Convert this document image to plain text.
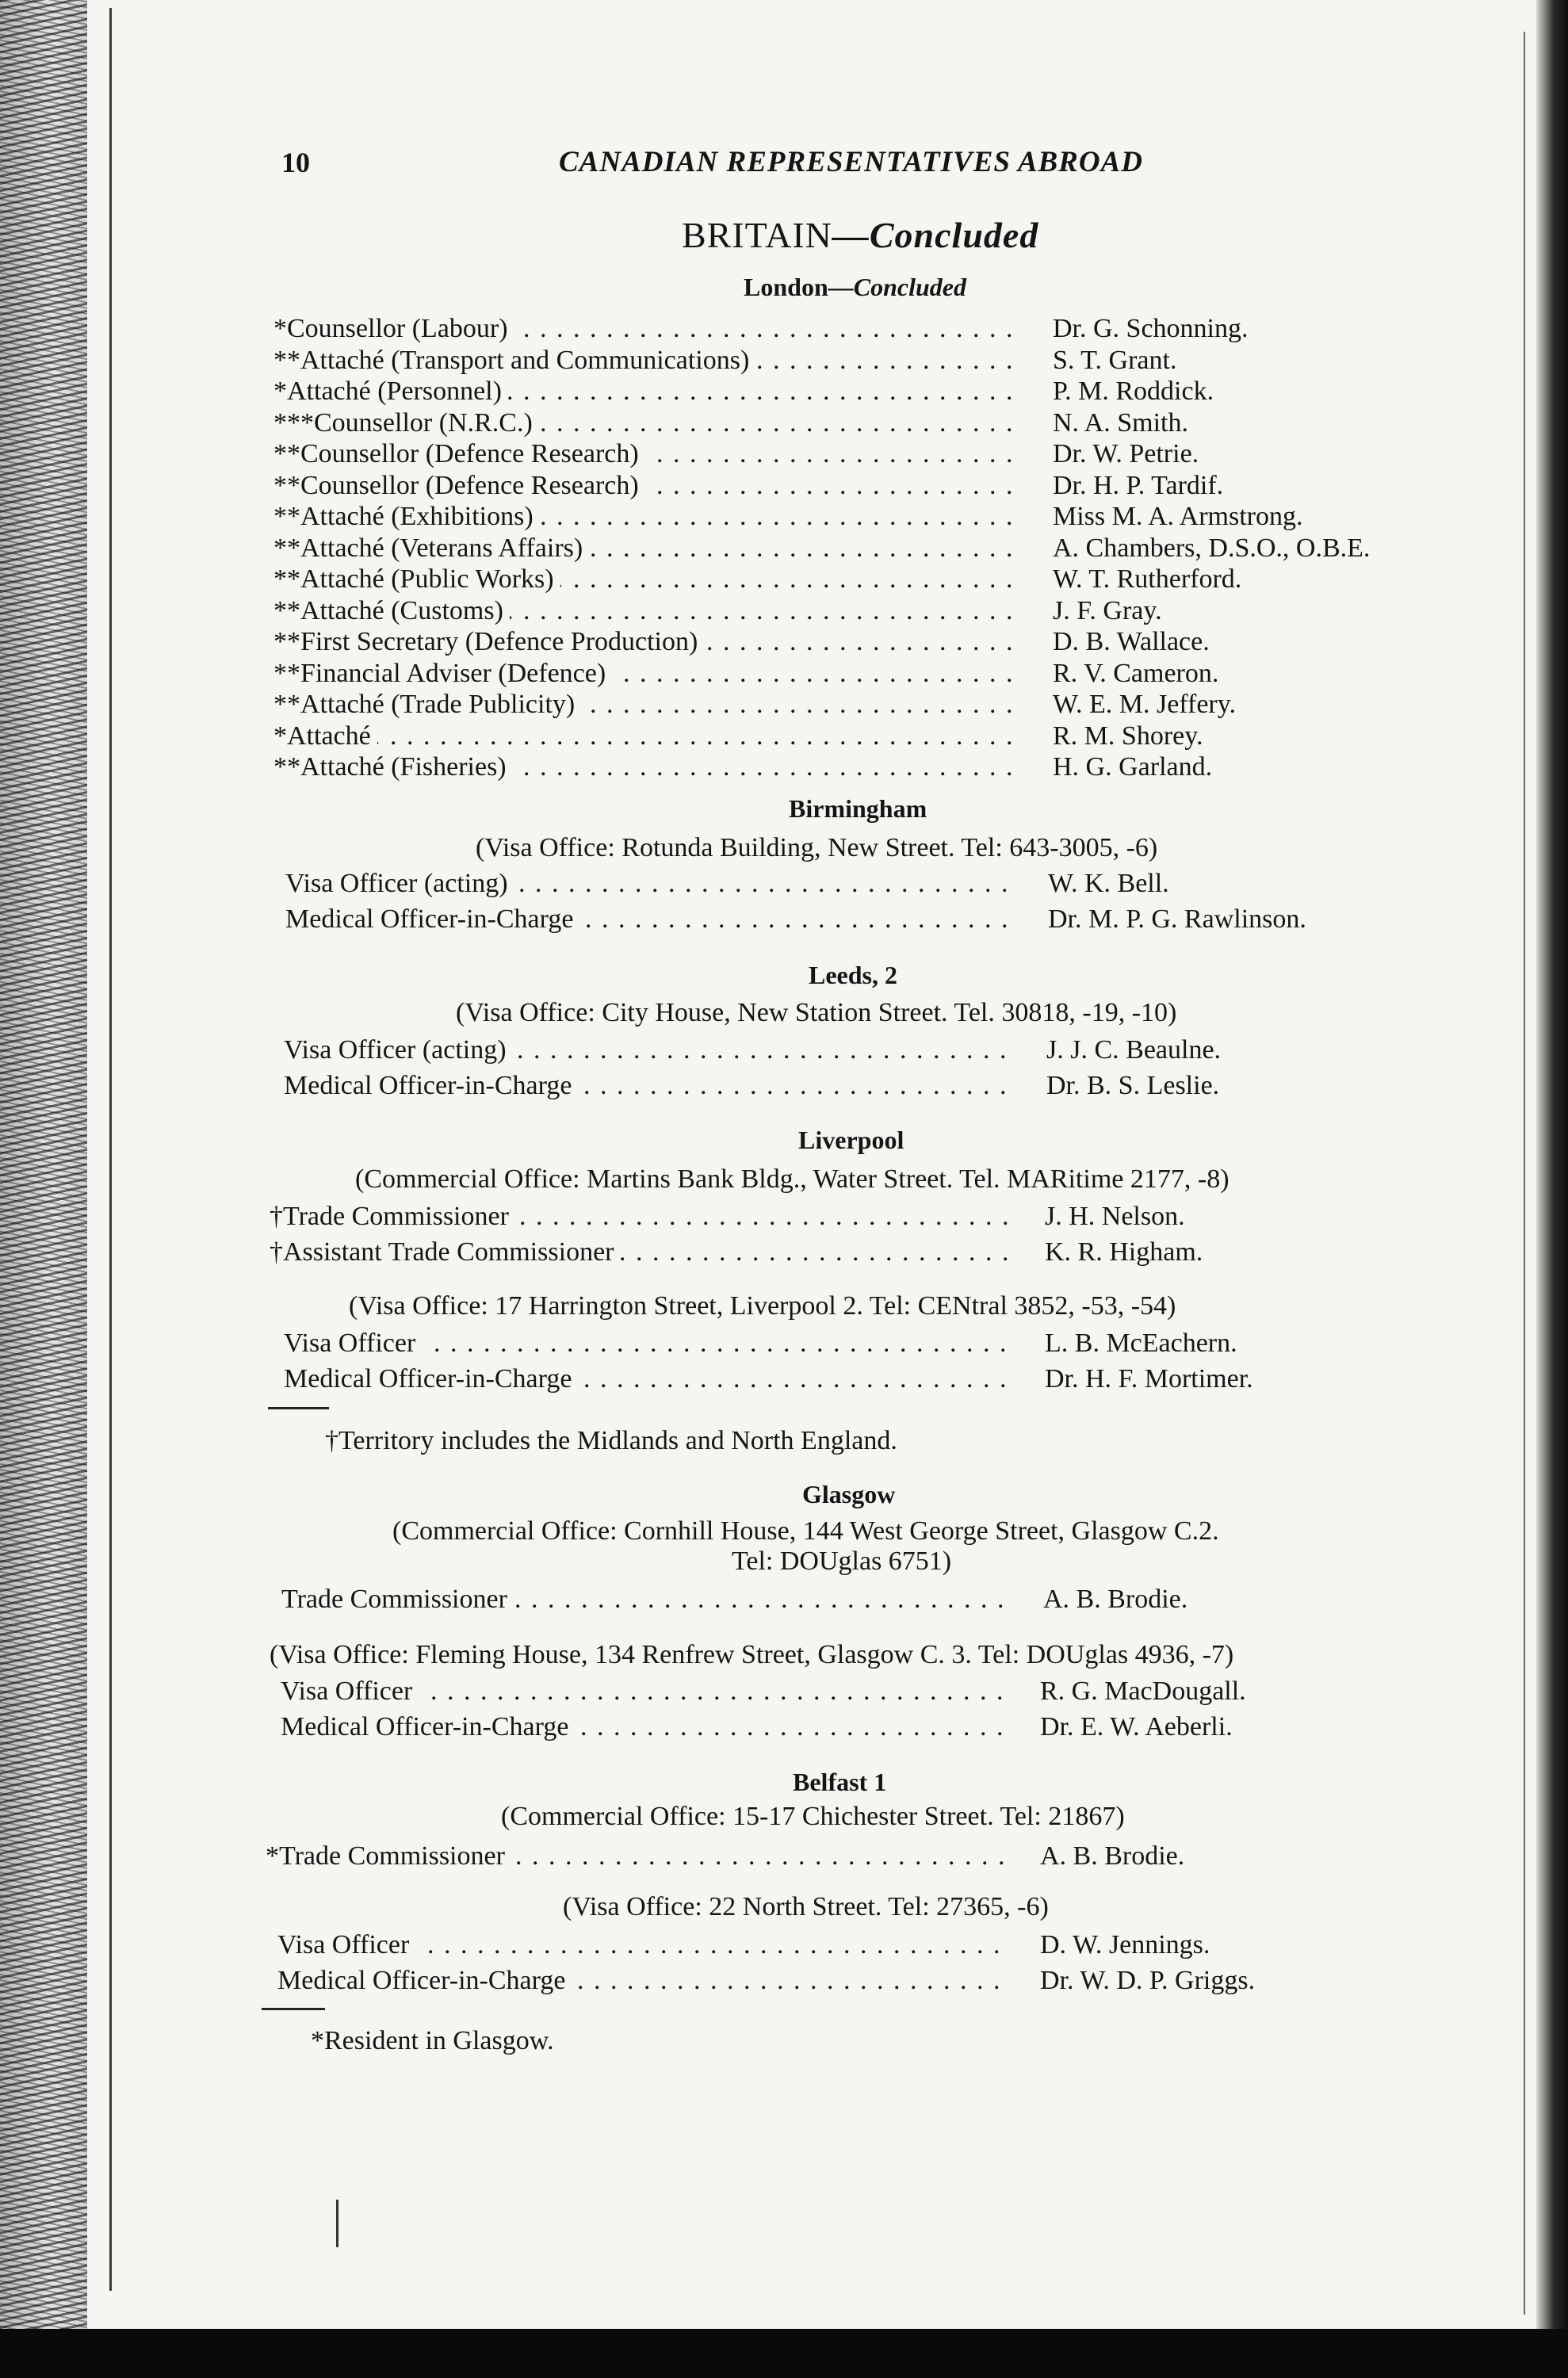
10	CANADIAN REPRESENTATIVES ABROAD
BRITAIN—Concluded
London—Concluded
*Counsellor (Labour) . . .	Dr. G. Schonning.
**Attaché (Transport and Communications) . . .	S. T. Grant.
*Attaché (Personnel) . . .	P. M. Roddick.
***Counsellor (N.R.C.) . . .	N. A. Smith.
**Counsellor (Defence Research) . . .	Dr. W. Petrie.
**Counsellor (Defence Research) . . .	Dr. H. P. Tardif.
**Attaché (Exhibitions) . . .	Miss M. A. Armstrong.
**Attaché (Veterans Affairs) . . .	A. Chambers, D.S.O., O.B.E.
**Attaché (Public Works) . . .	W. T. Rutherford.
**Attaché (Customs) . . .	J. F. Gray.
**First Secretary (Defence Production) . . .	D. B. Wallace.
**Financial Adviser (Defence) . . .	R. V. Cameron.
**Attaché (Trade Publicity) . . .	W. E. M. Jeffery.
*Attaché . . .	R. M. Shorey.
**Attaché (Fisheries) . . .	H. G. Garland.
Birmingham
(Visa Office: Rotunda Building, New Street. Tel: 643-3005, -6)
Visa Officer (acting) . . .	W. K. Bell.
Medical Officer-in-Charge . . .	Dr. M. P. G. Rawlinson.
Leeds, 2
(Visa Office: City House, New Station Street. Tel. 30818, -19, -10)
Visa Officer (acting) . . .	J. J. C. Beaulne.
Medical Officer-in-Charge . . .	Dr. B. S. Leslie.
Liverpool
(Commercial Office: Martins Bank Bldg., Water Street. Tel. MARitime 2177, -8)
†Trade Commissioner . . .	J. H. Nelson.
†Assistant Trade Commissioner . . .	K. R. Higham.
(Visa Office: 17 Harrington Street, Liverpool 2. Tel: CENtral 3852, -53, -54)
Visa Officer . . .	L. B. McEachern.
Medical Officer-in-Charge . . .	Dr. H. F. Mortimer.
†Territory includes the Midlands and North England.
Glasgow
(Commercial Office: Cornhill House, 144 West George Street, Glasgow C.2.
Tel: DOUglas 6751)
Trade Commissioner . . .	A. B. Brodie.
(Visa Office: Fleming House, 134 Renfrew Street, Glasgow C. 3. Tel: DOUglas 4936, -7)
Visa Officer . . .	R. G. MacDougall.
Medical Officer-in-Charge . . .	Dr. E. W. Aeberli.
Belfast 1
(Commercial Office: 15-17 Chichester Street. Tel: 21867)
*Trade Commissioner . . .	A. B. Brodie.
(Visa Office: 22 North Street. Tel: 27365, -6)
Visa Officer . . .	D. W. Jennings.
Medical Officer-in-Charge . . .	Dr. W. D. P. Griggs.
*Resident in Glasgow.
